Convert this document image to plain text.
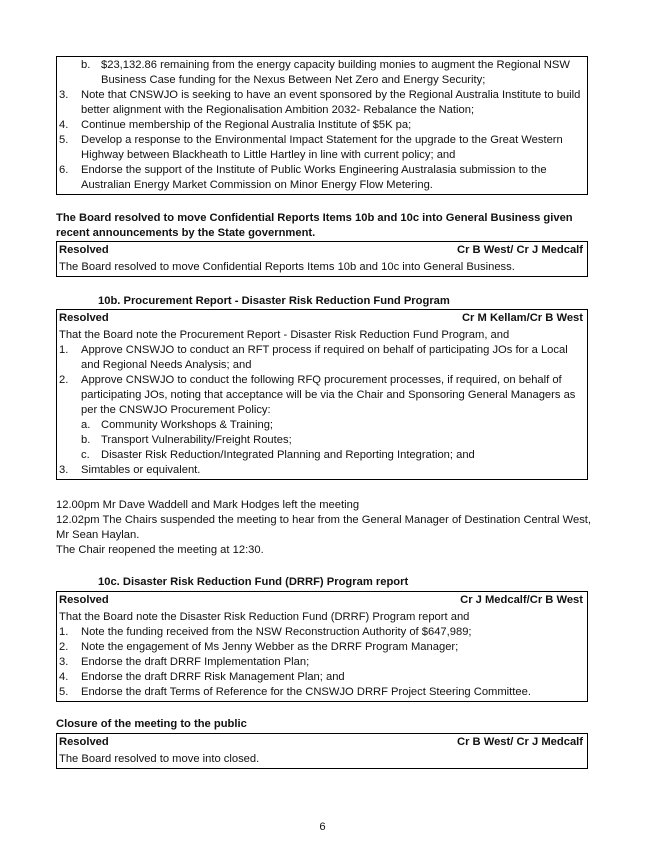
b. $23,132.86 remaining from the energy capacity building monies to augment the Regional NSW Business Case funding for the Nexus Between Net Zero and Energy Security;
3.	Note that CNSWJO is seeking to have an event sponsored by the Regional Australia Institute to build better alignment with the Regionalisation Ambition 2032- Rebalance the Nation;
4.	Continue membership of the Regional Australia Institute of $5K pa;
5.	Develop a response to the Environmental Impact Statement for the upgrade to the Great Western Highway between Blackheath to Little Hartley in line with current policy; and
6.	Endorse the support of the Institute of Public Works Engineering Australasia submission to the Australian Energy Market Commission on Minor Energy Flow Metering.
The Board resolved to move Confidential Reports Items 10b and 10c into General Business given recent announcements by the State government.
Resolved	Cr B West/ Cr J Medcalf
The Board resolved to move Confidential Reports Items 10b and 10c into General Business.
10b. Procurement Report - Disaster Risk Reduction Fund Program
Resolved	Cr M Kellam/Cr B West
That the Board note the Procurement Report - Disaster Risk Reduction Fund Program, and
1.	Approve CNSWJO to conduct an RFT process if required on behalf of participating JOs for a Local and Regional Needs Analysis; and
2.	Approve CNSWJO to conduct the following RFQ procurement processes, if required, on behalf of participating JOs, noting that acceptance will be via the Chair and Sponsoring General Managers as per the CNSWJO Procurement Policy:
a. Community Workshops & Training;
b. Transport Vulnerability/Freight Routes;
c.	Disaster Risk Reduction/Integrated Planning and Reporting Integration; and
3.	Simtables or equivalent.
12.00pm Mr Dave Waddell and Mark Hodges left the meeting
12.02pm The Chairs suspended the meeting to hear from the General Manager of Destination Central West, Mr Sean Haylan.
The Chair reopened the meeting at 12:30.
10c. Disaster Risk Reduction Fund (DRRF) Program report
Resolved	Cr J Medcalf/Cr B West
That the Board note the Disaster Risk Reduction Fund (DRRF) Program report and
1.	Note the funding received from the NSW Reconstruction Authority of $647,989;
2.	Note the engagement of Ms Jenny Webber as the DRRF Program Manager;
3.	Endorse the draft DRRF Implementation Plan;
4.	Endorse the draft DRRF Risk Management Plan; and
5.	Endorse the draft Terms of Reference for the CNSWJO DRRF Project Steering Committee.
Closure of the meeting to the public
Resolved	Cr B West/ Cr J Medcalf
The Board resolved to move into closed.
6
